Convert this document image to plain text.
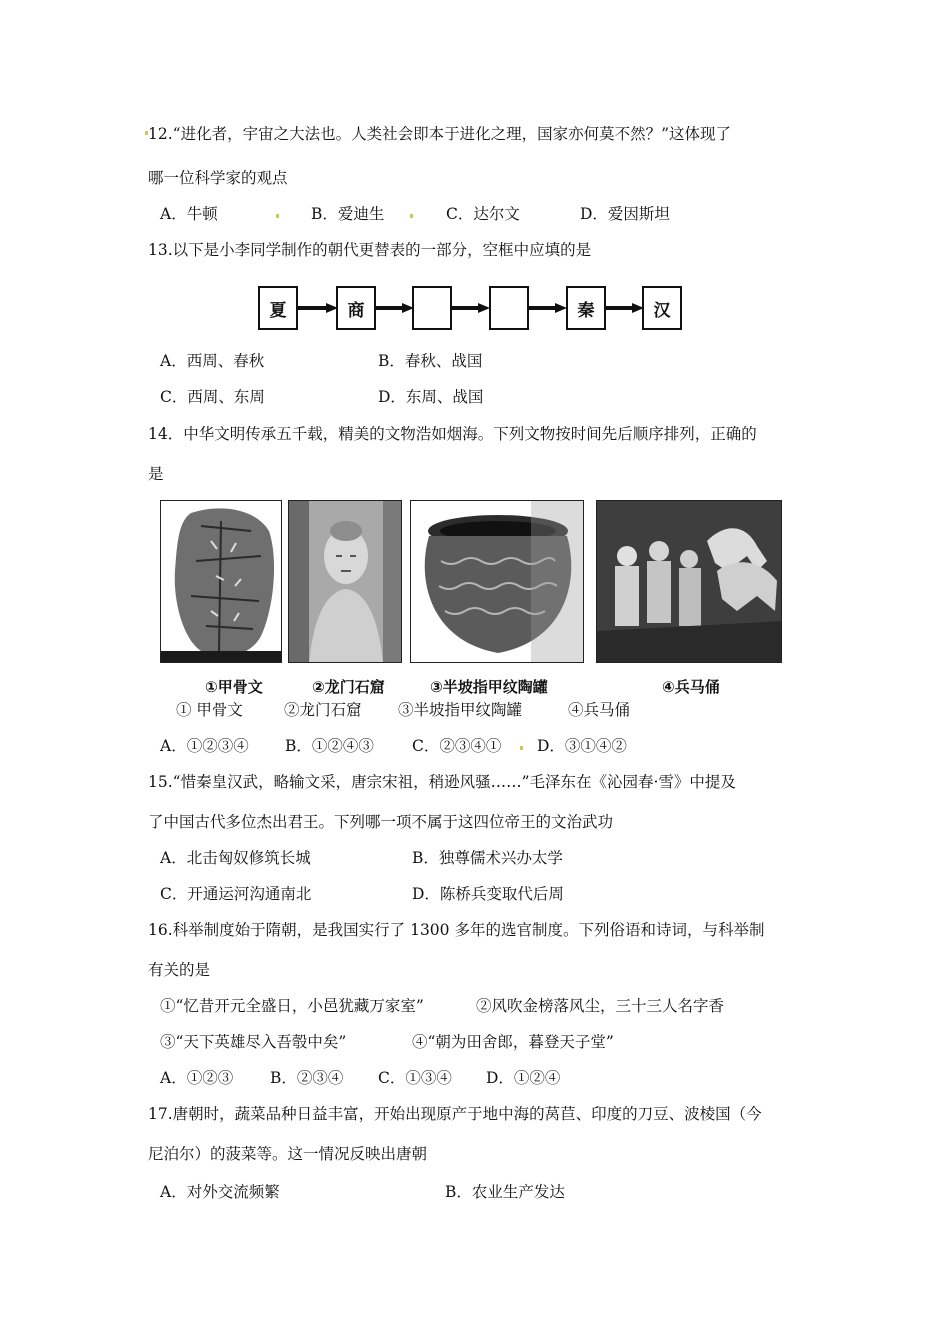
12.“进化者，宇宙之大法也。人类社会即本于进化之理，国家亦何莫不然？”这体现了
哪一位科学家的观点
A．牛顿	B．爱迪生	C．达尔文	D．爱因斯坦
13.以下是小李同学制作的朝代更替表的一部分，空框中应填的是
夏	商	秦	汉
A．西周、春秋	B．春秋、战国
C．西周、东周	D．东周、战国
14．中华文明传承五千载，精美的文物浩如烟海。下列文物按时间先后顺序排列，正确的
是
①甲骨文	②龙门石窟	③半坡指甲纹陶罐	④兵马俑
① 甲骨文	②龙门石窟 ③半坡指甲纹陶罐	④兵马俑
A．①②③④ B．①②④③ C．②③④① D．③①④②
15.“惜秦皇汉武，略输文采，唐宗宋祖，稍逊风骚……”毛泽东在《沁园春·雪》中提及
了中国古代多位杰出君王。下列哪一项不属于这四位帝王的文治武功
A．北击匈奴修筑长城	B．独尊儒术兴办太学
C．开通运河沟通南北	D．陈桥兵变取代后周
16.科举制度始于隋朝，是我国实行了 1300 多年的选官制度。下列俗语和诗词，与科举制
有关的是
①“忆昔开元全盛日，小邑犹藏万家室”	②风吹金榜落风尘，三十三人名字香
③“天下英雄尽入吾彀中矣”	④“朝为田舍郎，暮登天子堂”
A．①②③ B．②③④ C．①③④ D．①②④
17.唐朝时，蔬菜品种日益丰富，开始出现原产于地中海的莴苣、印度的刀豆、波棱国（今
尼泊尔）的菠菜等。这一情况反映出唐朝
A．对外交流频繁	B．农业生产发达
